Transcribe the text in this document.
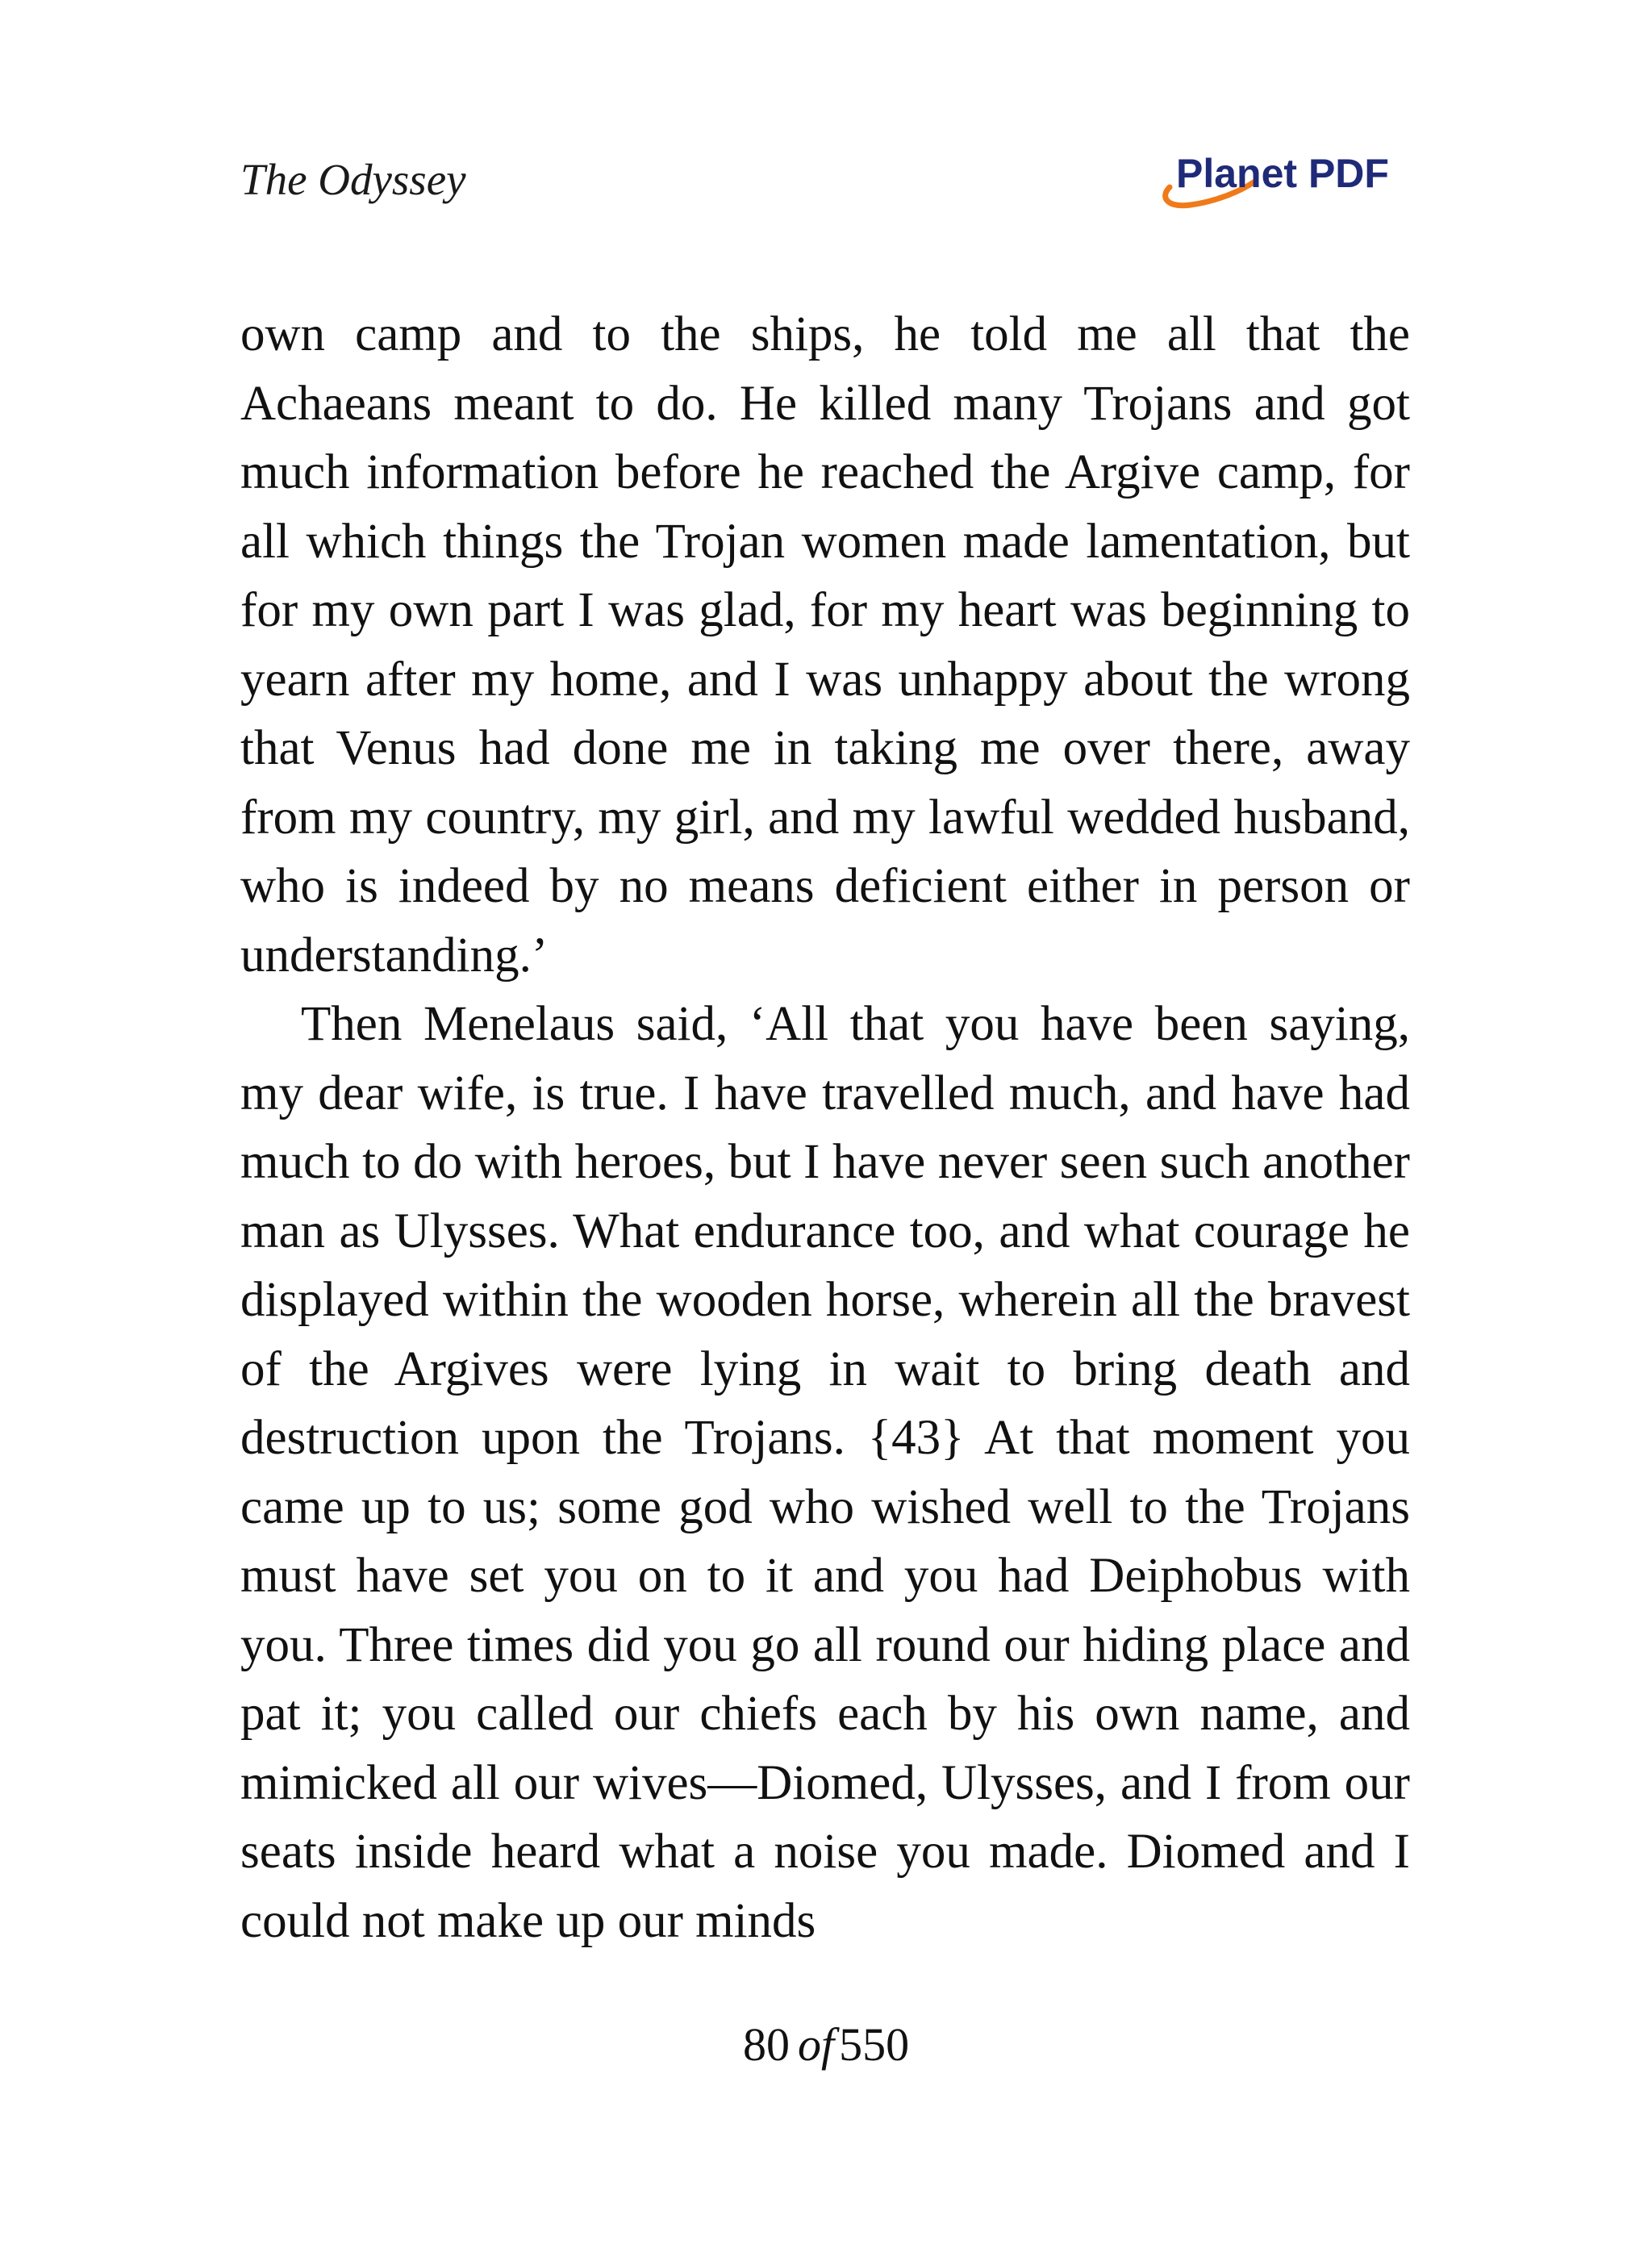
The Odyssey	Planet PDF

own camp and to the ships, he told me all that the Achaeans meant to do. He killed many Trojans and got much information before he reached the Argive camp, for all which things the Trojan women made lamentation, but for my own part I was glad, for my heart was beginning to yearn after my home, and I was unhappy about the wrong that Venus had done me in taking me over there, away from my country, my girl, and my lawful wedded husband, who is indeed by no means deficient either in person or understanding.’

Then Menelaus said, ‘All that you have been saying, my dear wife, is true. I have travelled much, and have had much to do with heroes, but I have never seen such another man as Ulysses. What endurance too, and what courage he displayed within the wooden horse, wherein all the bravest of the Argives were lying in wait to bring death and destruction upon the Trojans. {43} At that moment you came up to us; some god who wished well to the Trojans must have set you on to it and you had Deiphobus with you. Three times did you go all round our hiding place and pat it; you called our chiefs each by his own name, and mimicked all our wives—Diomed, Ulysses, and I from our seats inside heard what a noise you made. Diomed and I could not make up our minds

80 of 550
